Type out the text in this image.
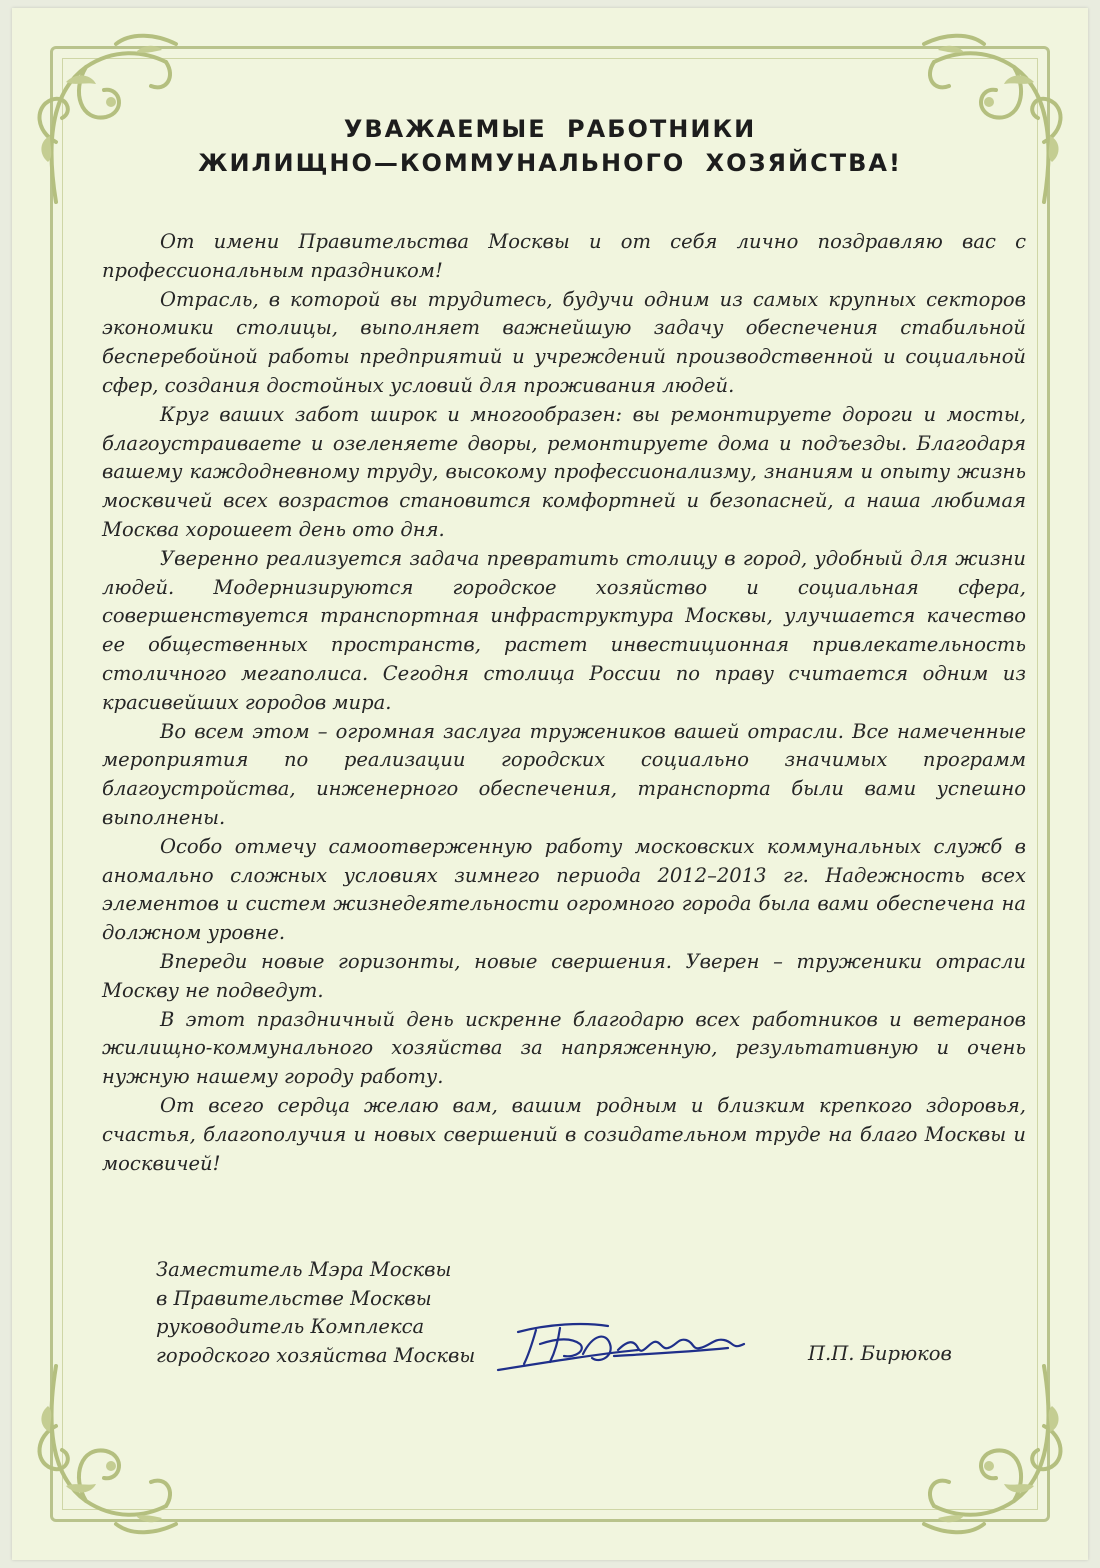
УВАЖАЕМЫЕ РАБОТНИКИ
ЖИЛИЩНО—КОММУНАЛЬНОГО ХОЗЯЙСТВА!

От имени Правительства Москвы и от себя лично поздравляю вас с профессиональным праздником!

Отрасль, в которой вы трудитесь, будучи одним из самых крупных секторов экономики столицы, выполняет важнейшую задачу обеспечения стабильной бесперебойной работы предприятий и учреждений производственной и социальной сфер, создания достойных условий для проживания людей.

Круг ваших забот широк и многообразен: вы ремонтируете дороги и мосты, благоустраиваете и озеленяете дворы, ремонтируете дома и подъезды. Благодаря вашему каждодневному труду, высокому профессионализму, знаниям и опыту жизнь москвичей всех возрастов становится комфортней и безопасней, а наша любимая Москва хорошеет день ото дня.

Уверенно реализуется задача превратить столицу в город, удобный для жизни людей. Модернизируются городское хозяйство и социальная сфера, совершенствуется транспортная инфраструктура Москвы, улучшается качество ее общественных пространств, растет инвестиционная привлекательность столичного мегаполиса. Сегодня столица России по праву считается одним из красивейших городов мира.

Во всем этом – огромная заслуга тружеников вашей отрасли. Все намеченные мероприятия по реализации городских социально значимых программ благоустройства, инженерного обеспечения, транспорта были вами успешно выполнены.

Особо отмечу самоотверженную работу московских коммунальных служб в аномально сложных условиях зимнего периода 2012–2013 гг. Надежность всех элементов и систем жизнедеятельности огромного города была вами обеспечена на должном уровне.

Впереди новые горизонты, новые свершения. Уверен – труженики отрасли Москву не подведут.

В этот праздничный день искренне благодарю всех работников и ветеранов жилищно-коммунального хозяйства за напряженную, результативную и очень нужную нашему городу работу.

От всего сердца желаю вам, вашим родным и близким крепкого здоровья, счастья, благополучия и новых свершений в созидательном труде на благо Москвы и москвичей!

Заместитель Мэра Москвы
в Правительстве Москвы
руководитель Комплекса
городского хозяйства Москвы	П.П. Бирюков
